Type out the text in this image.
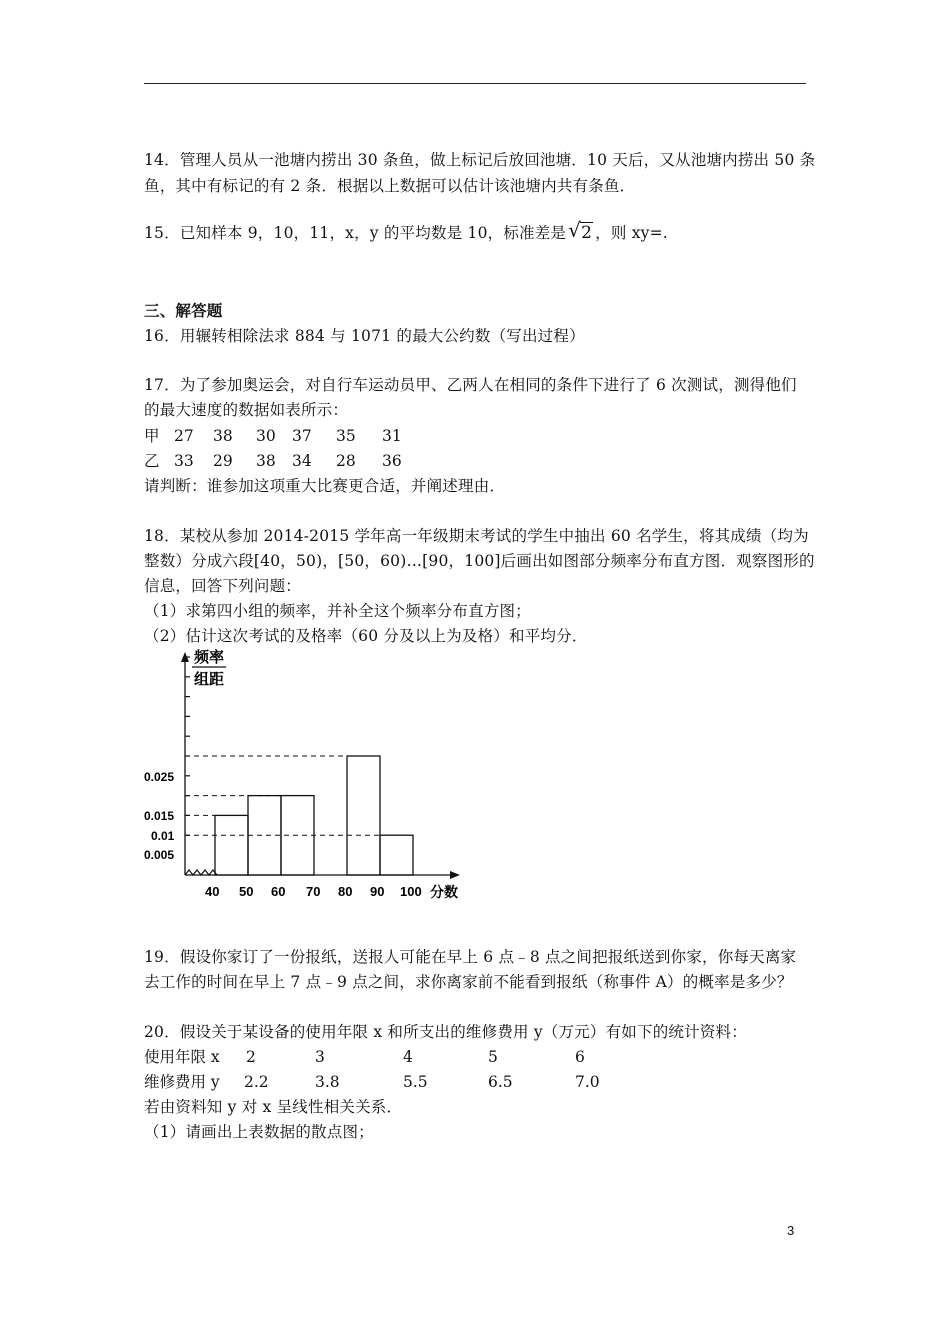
14．管理人员从一池塘内捞出 30 条鱼，做上标记后放回池塘．10 天后，又从池塘内捞出 50 条
鱼，其中有标记的有 2 条．根据以上数据可以估计该池塘内共有条鱼．
15．已知样本 9，10，11，x，y 的平均数是 10，标准差是 √ 2 ，则 xy=.
三、解答题
16．用辗转相除法求 884 与 1071 的最大公约数（写出过程）
17．为了参加奥运会，对自行车运动员甲、乙两人在相同的条件下进行了 6 次测试，测得他们
的最大速度的数据如表所示：
甲 27 38 30 37 35 31
乙 33 29 38 34 28 36
请判断：谁参加这项重大比赛更合适，并阐述理由．
18．某校从参加 2014-2015 学年高一年级期末考试的学生中抽出 60 名学生，将其成绩（均为
整数）分成六段[40，50)，[50，60)…[90，100]后画出如图部分频率分布直方图．观察图形的
信息，回答下列问题：
（1）求第四小组的频率，并补全这个频率分布直方图；
（2）估计这次考试的及格率（60 分及以上为及格）和平均分．
频率
组距
0.025
0.015
0.01
0.005
40 50 60 70 80 90 100 分数
19．假设你家订了一份报纸，送报人可能在早上 6 点﹣8 点之间把报纸送到你家，你每天离家
去工作的时间在早上 7 点﹣9 点之间，求你离家前不能看到报纸（称事件 A）的概率是多少？
20．假设关于某设备的使用年限 x 和所支出的维修费用 y（万元）有如下的统计资料：
使用年限 x 2	3	4	5	6
维修费用 y 2.2	3.8	5.5	6.5	7.0
若由资料知 y 对 x 呈线性相关关系．
（1）请画出上表数据的散点图；
3
